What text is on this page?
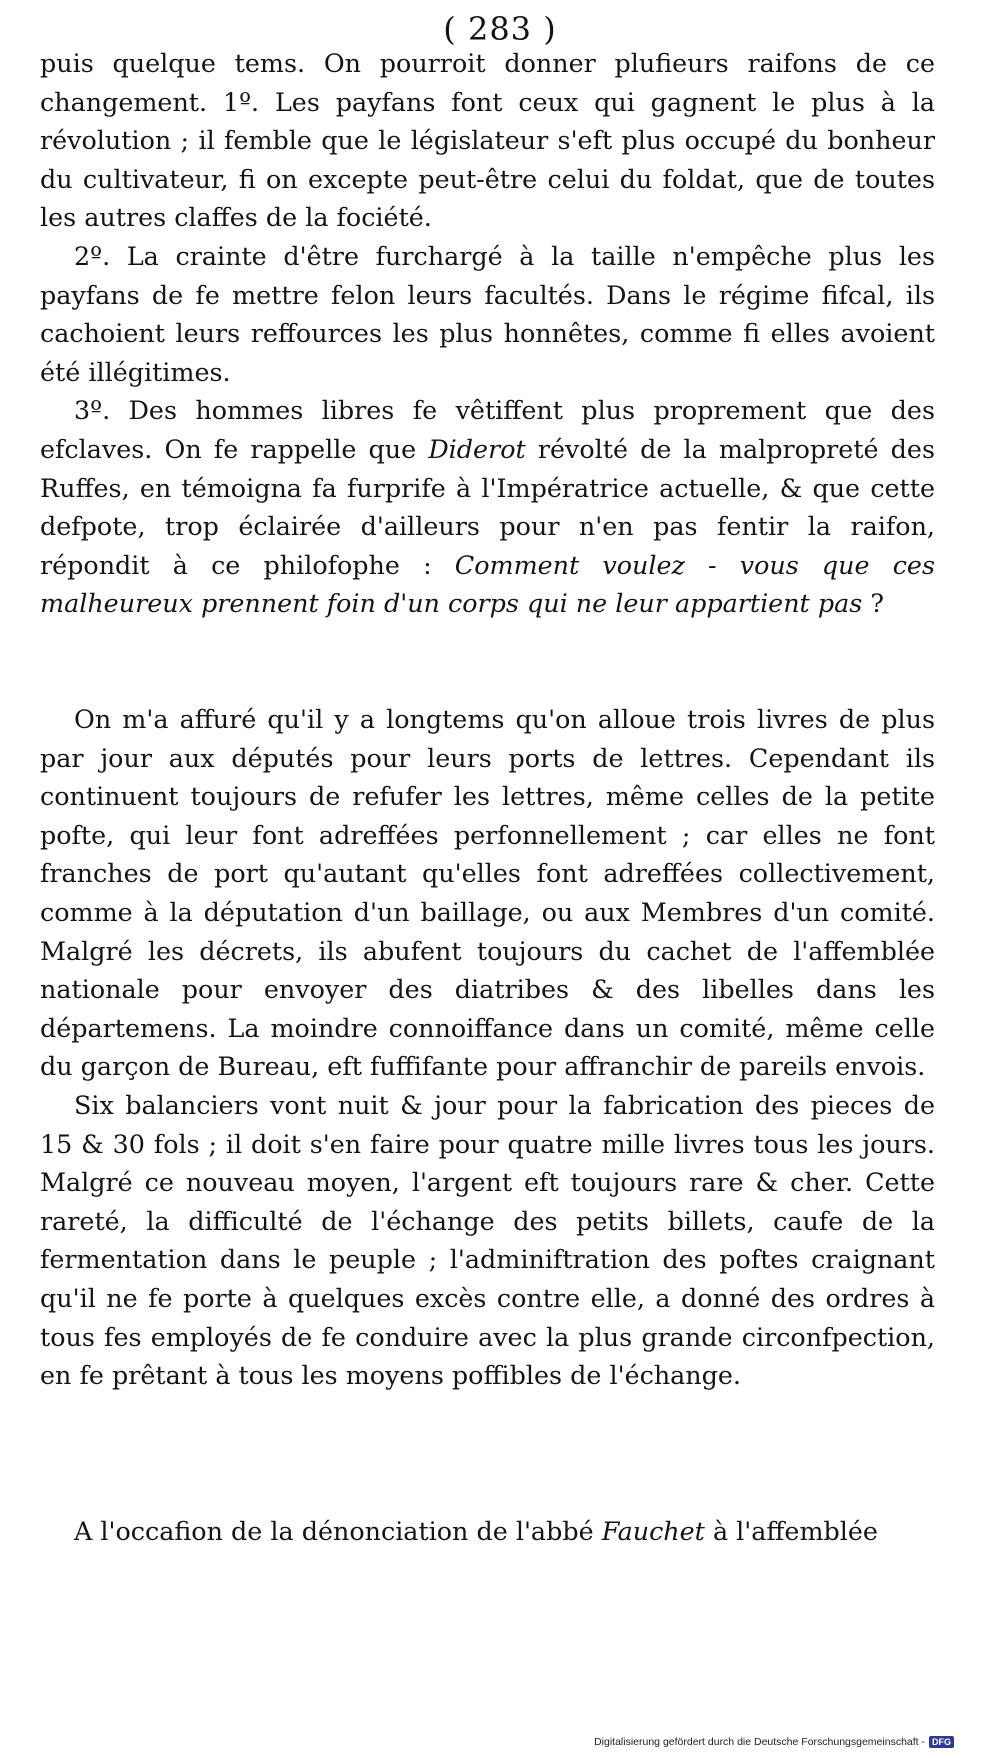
( 283 )

puis quelque tems. On pourroit donner plufieurs raifons de ce changement. 1º. Les payfans font ceux qui gagnent le plus à la révolution ; il femble que le législateur s'eft plus occupé du bonheur du cultivateur, fi on excepte peut-être celui du foldat, que de toutes les autres claffes de la fociété.

2º. La crainte d'être furchargé à la taille n'empêche plus les payfans de fe mettre felon leurs facultés. Dans le régime fifcal, ils cachoient leurs reffources les plus honnêtes, comme fi elles avoient été illégitimes.

3º. Des hommes libres fe vêtiffent plus proprement que des efclaves. On fe rappelle que Diderot révolté de la malpropreté des Ruffes, en témoigna fa furprife à l'Impératrice actuelle, & que cette defpote, trop éclairée d'ailleurs pour n'en pas fentir la raifon, répondit à ce philofophe : Comment voulez - vous que ces malheureux prennent foin d'un corps qui ne leur appartient pas ?

On m'a affuré qu'il y a longtems qu'on alloue trois livres de plus par jour aux députés pour leurs ports de lettres. Cependant ils continuent toujours de refufer les lettres, même celles de la petite pofte, qui leur font adreffées perfonnellement ; car elles ne font franches de port qu'autant qu'elles font adreffées collectivement, comme à la députation d'un baillage, ou aux Membres d'un comité. Malgré les décrets, ils abufent toujours du cachet de l'affemblée nationale pour envoyer des diatribes & des libelles dans les départemens. La moindre connoiffance dans un comité, même celle du garçon de Bureau, eft fuffifante pour affranchir de pareils envois.

Six balanciers vont nuit & jour pour la fabrication des pieces de 15 & 30 fols ; il doit s'en faire pour quatre mille livres tous les jours. Malgré ce nouveau moyen, l'argent eft toujours rare & cher. Cette rareté, la difficulté de l'échange des petits billets, caufe de la fermentation dans le peuple ; l'adminiftration des poftes craignant qu'il ne fe porte à quelques excès contre elle, a donné des ordres à tous fes employés de fe conduire avec la plus grande circonfpection, en fe prêtant à tous les moyens poffibles de l'échange.

A l'occafion de la dénonciation de l'abbé Fauchet à l'affemblée

Digitalisierung gefördert durch die Deutsche Forschungsgemeinschaft - DFG
